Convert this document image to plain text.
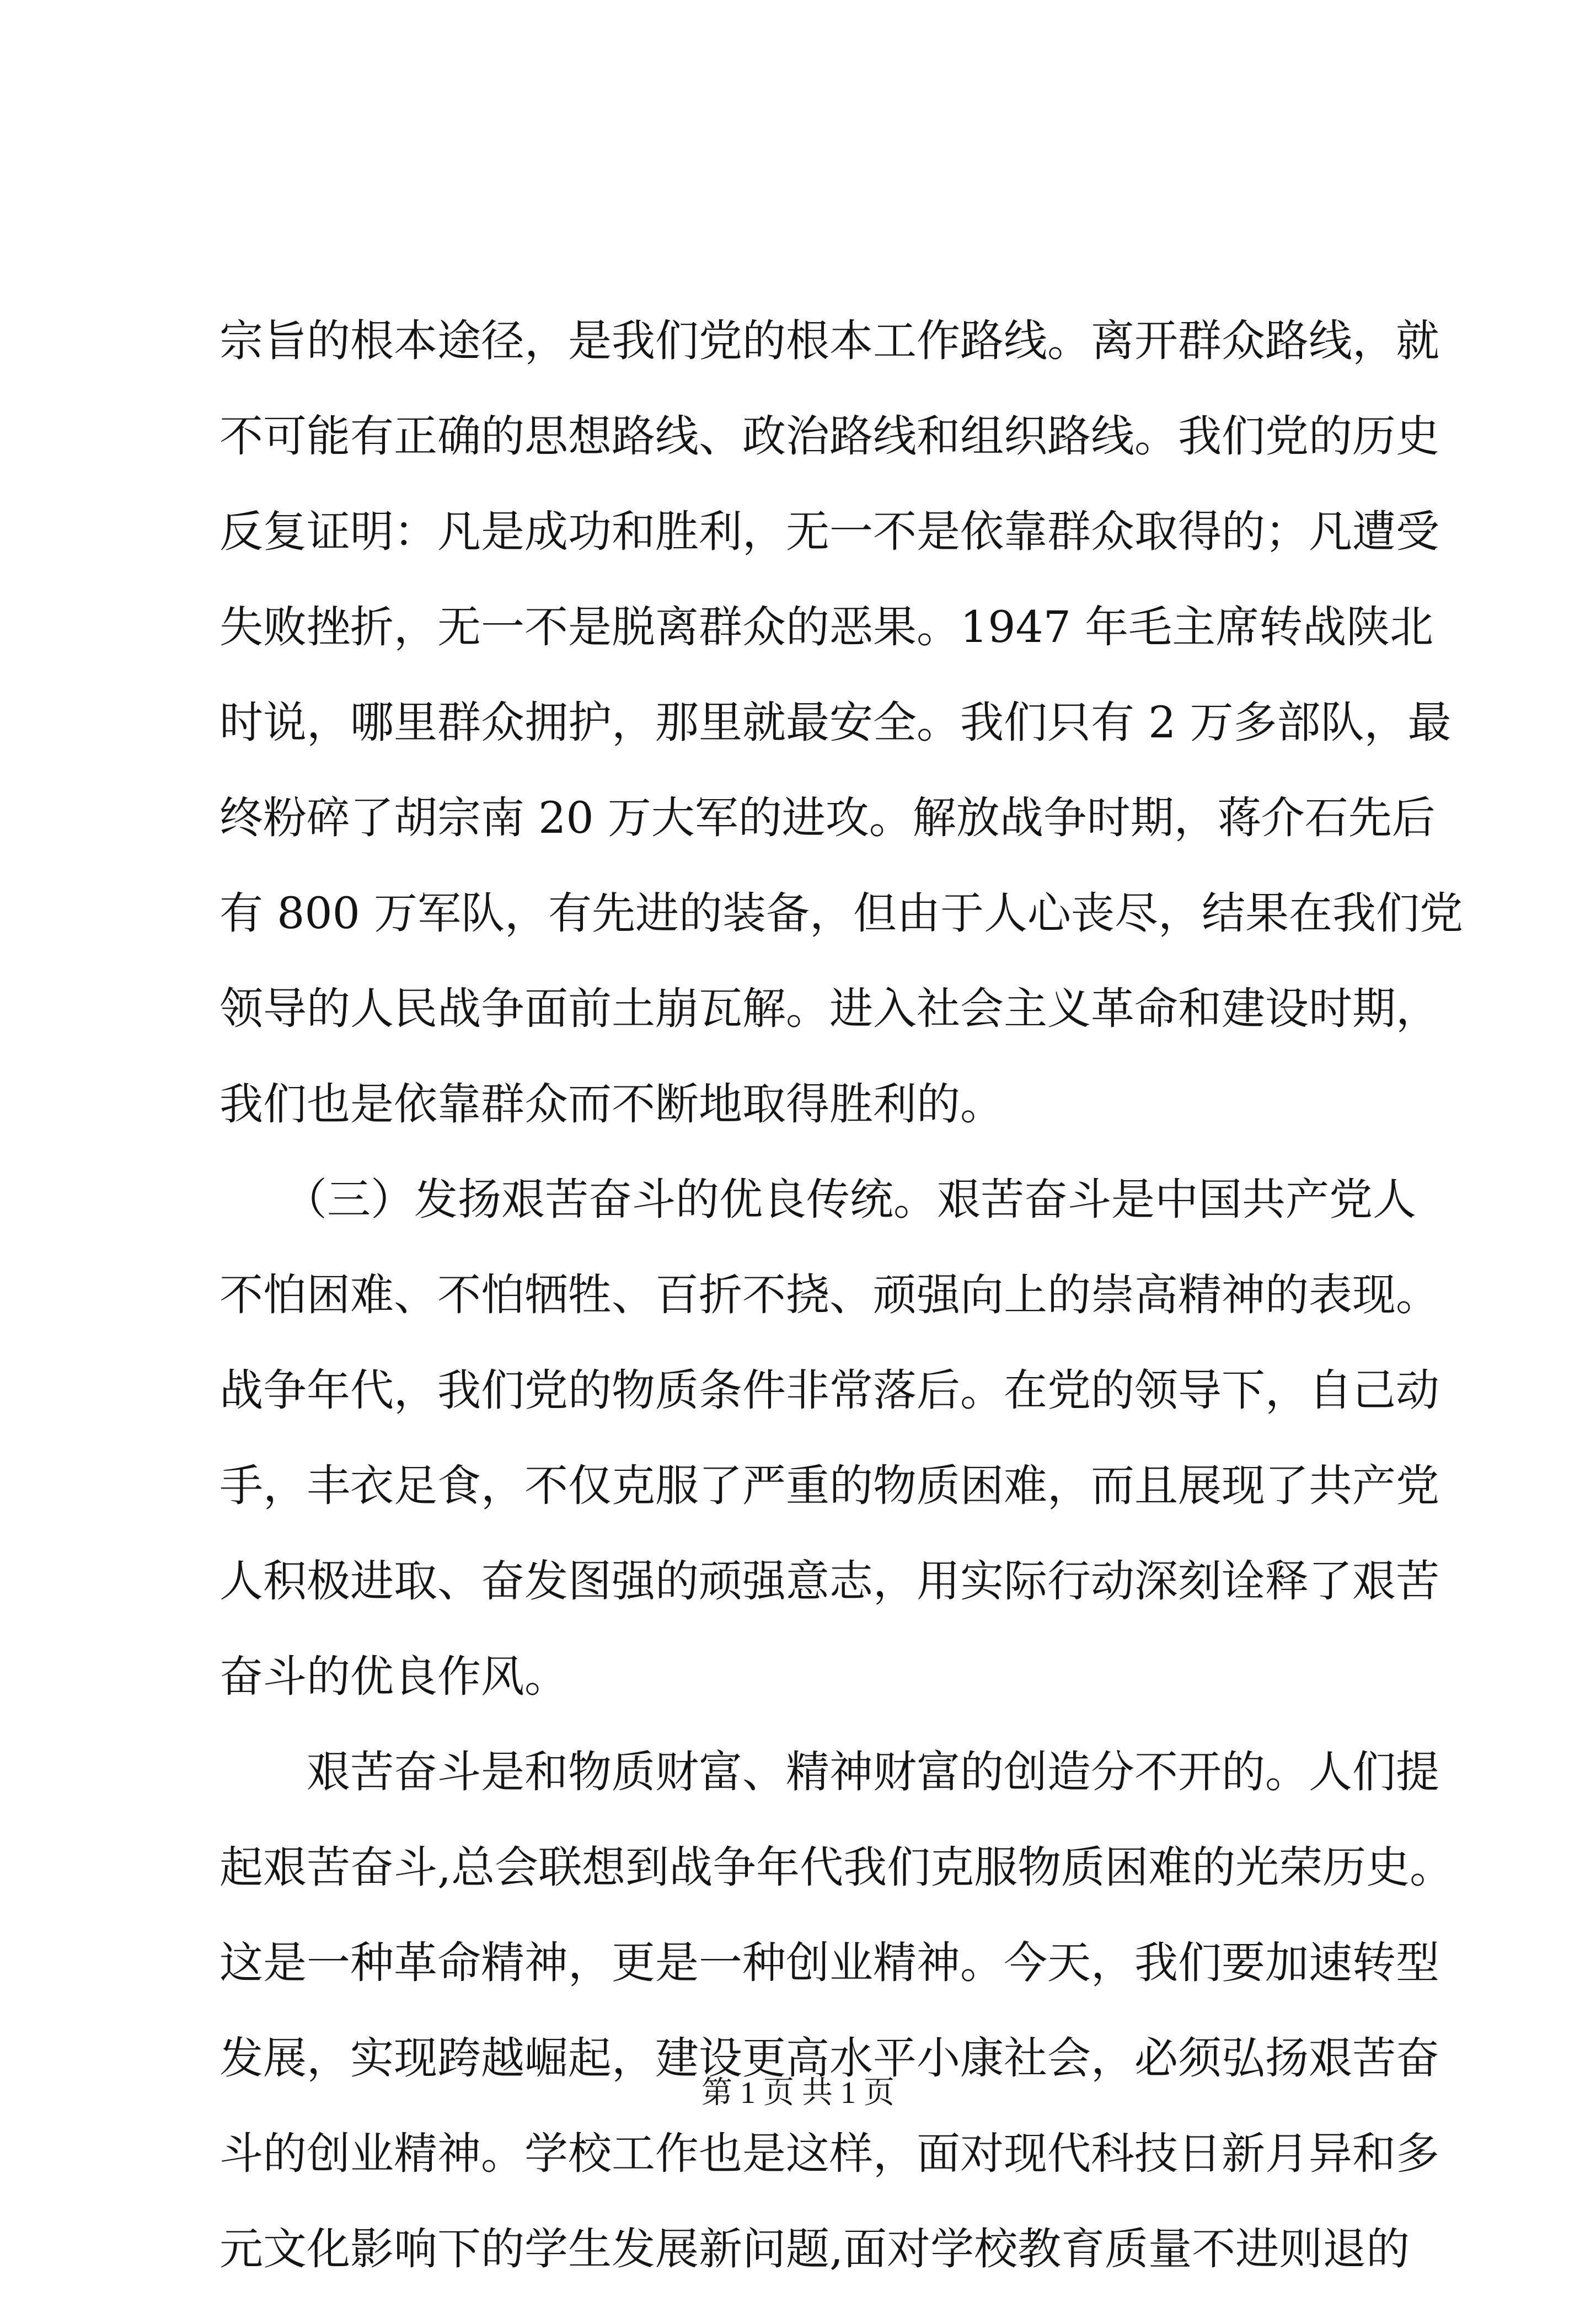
宗旨的根本途径，是我们党的根本工作路线。离开群众路线，就
不可能有正确的思想路线、政治路线和组织路线。我们党的历史
反复证明：凡是成功和胜利，无一不是依靠群众取得的；凡遭受
失败挫折，无一不是脱离群众的恶果。1947 年毛主席转战陕北
时说，哪里群众拥护，那里就最安全。我们只有 2 万多部队，最
终粉碎了胡宗南 20 万大军的进攻。解放战争时期，蒋介石先后
有 800 万军队，有先进的装备，但由于人心丧尽，结果在我们党
领导的人民战争面前土崩瓦解。进入社会主义革命和建设时期，
我们也是依靠群众而不断地取得胜利的。
（三）发扬艰苦奋斗的优良传统。艰苦奋斗是中国共产党人
不怕困难、不怕牺牲、百折不挠、顽强向上的崇高精神的表现。
战争年代，我们党的物质条件非常落后。在党的领导下，自己动
手，丰衣足食，不仅克服了严重的物质困难，而且展现了共产党
人积极进取、奋发图强的顽强意志，用实际行动深刻诠释了艰苦
奋斗的优良作风。
艰苦奋斗是和物质财富、精神财富的创造分不开的。人们提
起艰苦奋斗,总会联想到战争年代我们克服物质困难的光荣历史。
这是一种革命精神，更是一种创业精神。今天，我们要加速转型
发展，实现跨越崛起，建设更高水平小康社会，必须弘扬艰苦奋
斗的创业精神。学校工作也是这样，面对现代科技日新月异和多
元文化影响下的学生发展新问题,面对学校教育质量不进则退的
第 1 页 共 1 页
